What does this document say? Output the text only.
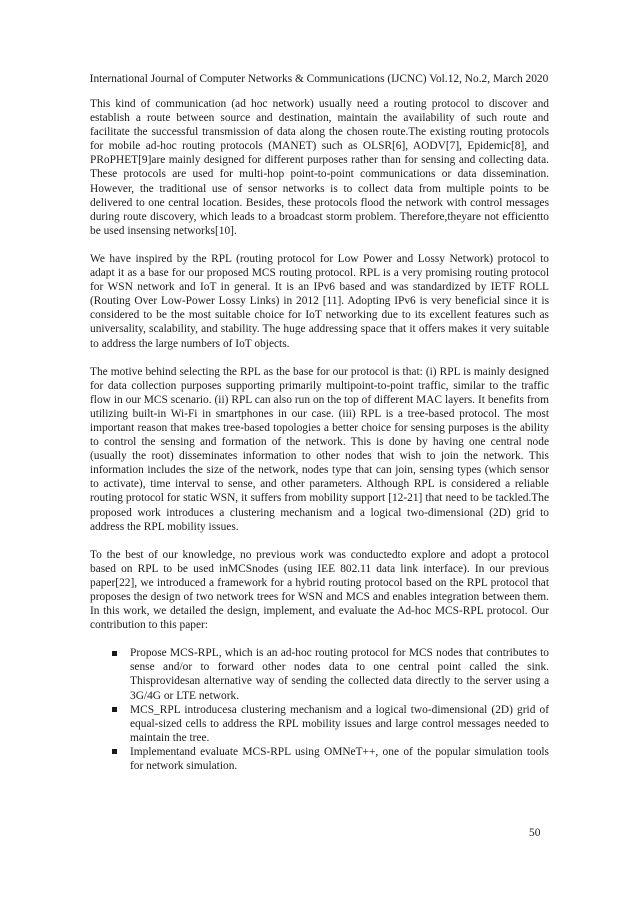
International Journal of Computer Networks & Communications (IJCNC) Vol.12, No.2, March 2020

This kind of communication (ad hoc network) usually need a routing protocol to discover and establish a route between source and destination, maintain the availability of such route and facilitate the successful transmission of data along the chosen route.The existing routing protocols for mobile ad-hoc routing protocols (MANET) such as OLSR[6], AODV[7], Epidemic[8], and PRoPHET[9]are mainly designed for different purposes rather than for sensing and collecting data. These protocols are used for multi-hop point-to-point communications or data dissemination. However, the traditional use of sensor networks is to collect data from multiple points to be delivered to one central location. Besides, these protocols flood the network with control messages during route discovery, which leads to a broadcast storm problem. Therefore,theyare not efficientto be used insensing networks[10].

We have inspired by the RPL (routing protocol for Low Power and Lossy Network) protocol to adapt it as a base for our proposed MCS routing protocol. RPL is a very promising routing protocol for WSN network and IoT in general. It is an IPv6 based and was standardized by IETF ROLL (Routing Over Low-Power Lossy Links) in 2012 [11]. Adopting IPv6 is very beneficial since it is considered to be the most suitable choice for IoT networking due to its excellent features such as universality, scalability, and stability. The huge addressing space that it offers makes it very suitable to address the large numbers of IoT objects.

The motive behind selecting the RPL as the base for our protocol is that: (i) RPL is mainly designed for data collection purposes supporting primarily multipoint-to-point traffic, similar to the traffic flow in our MCS scenario. (ii) RPL can also run on the top of different MAC layers. It benefits from utilizing built-in Wi-Fi in smartphones in our case. (iii) RPL is a tree-based protocol. The most important reason that makes tree-based topologies a better choice for sensing purposes is the ability to control the sensing and formation of the network. This is done by having one central node (usually the root) disseminates information to other nodes that wish to join the network. This information includes the size of the network, nodes type that can join, sensing types (which sensor to activate), time interval to sense, and other parameters. Although RPL is considered a reliable routing protocol for static WSN, it suffers from mobility support [12-21] that need to be tackled.The proposed work introduces a clustering mechanism and a logical two-dimensional (2D) grid to address the RPL mobility issues.

To the best of our knowledge, no previous work was conductedto explore and adopt a protocol based on RPL to be used inMCSnodes (using IEE 802.11 data link interface). In our previous paper[22], we introduced a framework for a hybrid routing protocol based on the RPL protocol that proposes the design of two network trees for WSN and MCS and enables integration between them. In this work, we detailed the design, implement, and evaluate the Ad-hoc MCS-RPL protocol. Our contribution to this paper:

Propose MCS-RPL, which is an ad-hoc routing protocol for MCS nodes that contributes to sense and/or to forward other nodes data to one central point called the sink. Thisprovidesan alternative way of sending the collected data directly to the server using a 3G/4G or LTE network.
MCS_RPL introducesa clustering mechanism and a logical two-dimensional (2D) grid of equal-sized cells to address the RPL mobility issues and large control messages needed to maintain the tree.
Implementand evaluate MCS-RPL using OMNeT++, one of the popular simulation tools for network simulation.
50
